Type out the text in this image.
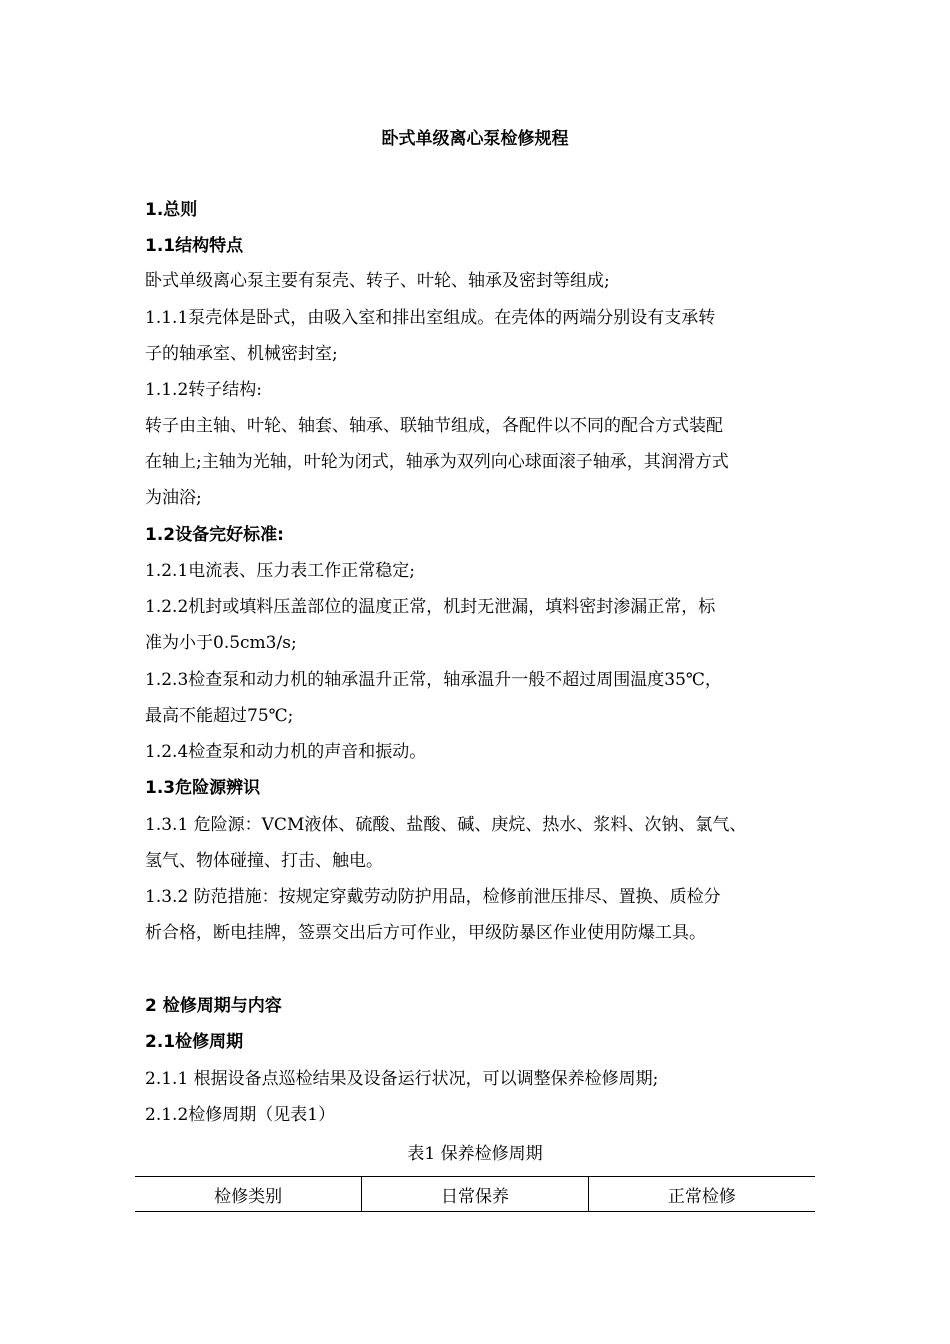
卧式单级离心泵检修规程
1.总则
1.1结构特点
卧式单级离心泵主要有泵壳、转子、叶轮、轴承及密封等组成;
1.1.1泵壳体是卧式，由吸入室和排出室组成。在壳体的两端分别设有支承转
子的轴承室、机械密封室;
1.1.2转子结构:
转子由主轴、叶轮、轴套、轴承、联轴节组成，各配件以不同的配合方式装配
在轴上;主轴为光轴，叶轮为闭式，轴承为双列向心球面滚子轴承，其润滑方式
为油浴;
1.2设备完好标准:
1.2.1电流表、压力表工作正常稳定;
1.2.2机封或填料压盖部位的温度正常，机封无泄漏，填料密封渗漏正常，标
准为小于0.5cm3/s;
1.2.3检查泵和动力机的轴承温升正常，轴承温升一般不超过周围温度35℃，
最高不能超过75℃;
1.2.4检查泵和动力机的声音和振动。
1.3危险源辨识
1.3.1 危险源：VCM液体、硫酸、盐酸、碱、庚烷、热水、浆料、次钠、氯气、
氢气、物体碰撞、打击、触电。
1.3.2 防范措施：按规定穿戴劳动防护用品，检修前泄压排尽、置换、质检分
析合格，断电挂牌，签票交出后方可作业，甲级防暴区作业使用防爆工具。
2 检修周期与内容
2.1检修周期
2.1.1 根据设备点巡检结果及设备运行状况，可以调整保养检修周期;
2.1.2检修周期（见表1）
表1 保养检修周期
检修类别	日常保养	正常检修
